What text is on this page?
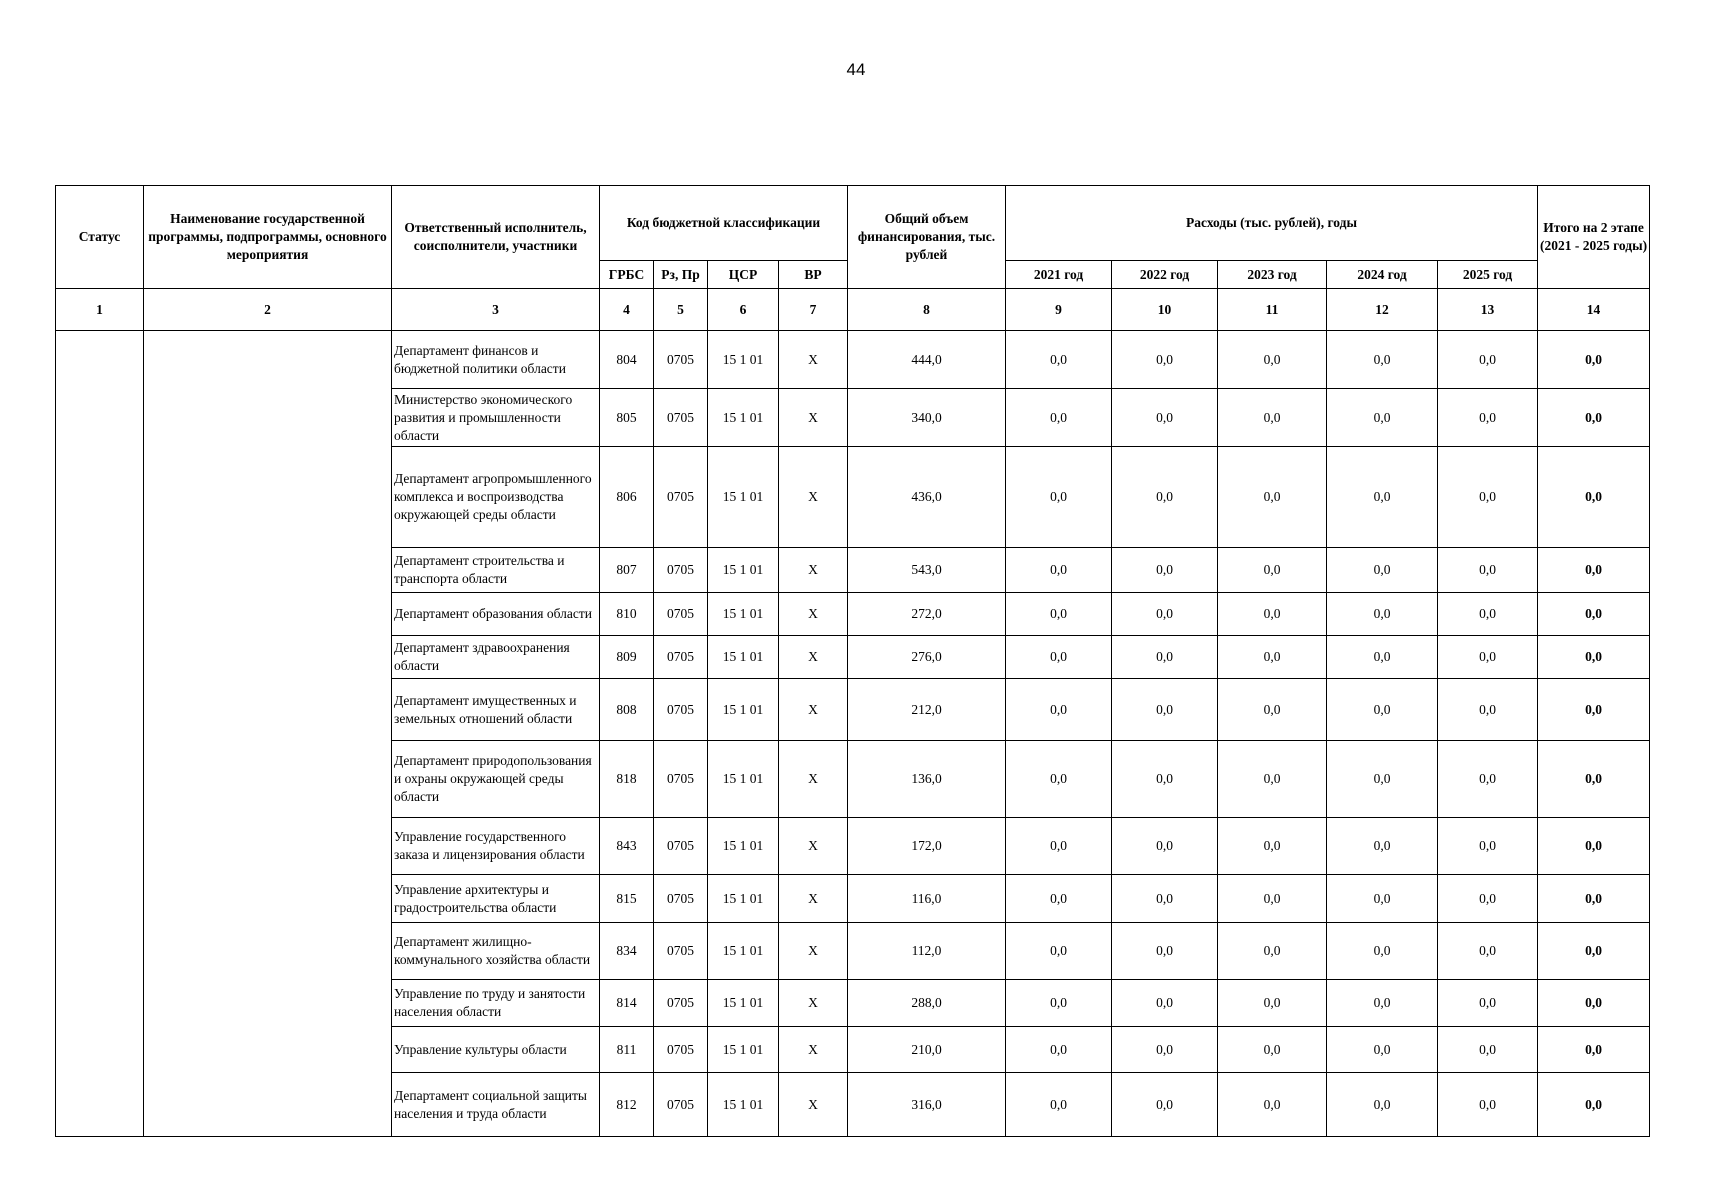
44
Статус	Наименование государственной программы, подпрограммы, основного мероприятия	Ответственный исполнитель, соисполнители, участники	Код бюджетной классификации				Общий объем финансирования, тыс. рублей	Расходы (тыс. рублей), годы					Итого на 2 этапе (2021 - 2025 годы)
			ГРБС	Рз, Пр	ЦСР	ВР		2021 год	2022 год	2023 год	2024 год	2025 год	
1	2	3	4	5	6	7	8	9	10	11	12	13	14
		Департамент финансов и бюджетной политики области	804	0705	15 1 01	X	444,0	0,0	0,0	0,0	0,0	0,0	0,0
		Министерство экономического развития и промышленности области	805	0705	15 1 01	X	340,0	0,0	0,0	0,0	0,0	0,0	0,0
		Департамент агропромышленного комплекса и воспроизводства окружающей среды области	806	0705	15 1 01	X	436,0	0,0	0,0	0,0	0,0	0,0	0,0
		Департамент строительства и транспорта области	807	0705	15 1 01	X	543,0	0,0	0,0	0,0	0,0	0,0	0,0
		Департамент образования области	810	0705	15 1 01	X	272,0	0,0	0,0	0,0	0,0	0,0	0,0
		Департамент здравоохранения области	809	0705	15 1 01	X	276,0	0,0	0,0	0,0	0,0	0,0	0,0
		Департамент имущественных и земельных отношений области	808	0705	15 1 01	X	212,0	0,0	0,0	0,0	0,0	0,0	0,0
		Департамент природопользования и охраны окружающей среды области	818	0705	15 1 01	X	136,0	0,0	0,0	0,0	0,0	0,0	0,0
		Управление государственного заказа и лицензирования области	843	0705	15 1 01	X	172,0	0,0	0,0	0,0	0,0	0,0	0,0
		Управление архитектуры и градостроительства области	815	0705	15 1 01	X	116,0	0,0	0,0	0,0	0,0	0,0	0,0
		Департамент жилищно-коммунального хозяйства области	834	0705	15 1 01	X	112,0	0,0	0,0	0,0	0,0	0,0	0,0
		Управление по труду и занятости населения области	814	0705	15 1 01	X	288,0	0,0	0,0	0,0	0,0	0,0	0,0
		Управление культуры области	811	0705	15 1 01	X	210,0	0,0	0,0	0,0	0,0	0,0	0,0
		Департамент социальной защиты населения и труда области	812	0705	15 1 01	X	316,0	0,0	0,0	0,0	0,0	0,0	0,0
